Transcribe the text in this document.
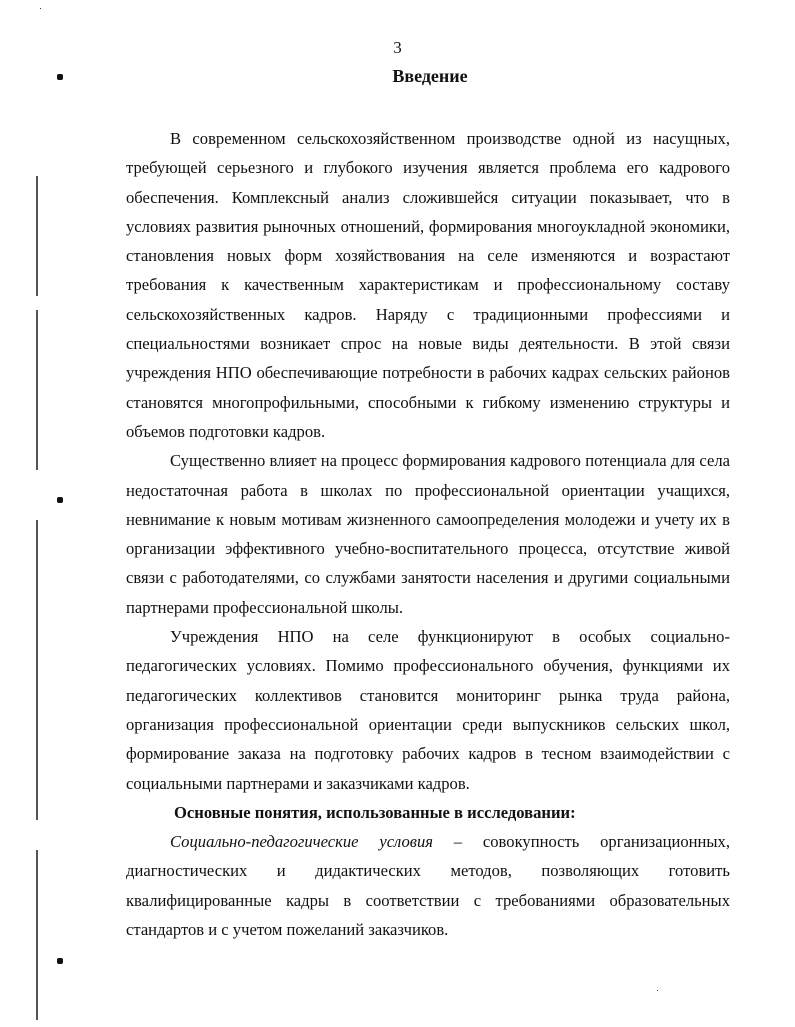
3
Введение

В современном сельскохозяйственном производстве одной из насущных, требующей серьезного и глубокого изучения является проблема его кадрового обеспечения. Комплексный анализ сложившейся ситуации показывает, что в условиях развития рыночных отношений, формирования многоукладной экономики, становления новых форм хозяйствования на селе изменяются и возрастают требования к качественным характеристикам и профессиональному составу сельскохозяйственных кадров. Наряду с традиционными профессиями и специальностями возникает спрос на новые виды деятельности. В этой связи учреждения НПО обеспечивающие потребности в рабочих кадрах сельских районов становятся многопрофильными, способными к гибкому изменению структуры и объемов подготовки кадров.

Существенно влияет на процесс формирования кадрового потенциала для села недостаточная работа в школах по профессиональной ориентации учащихся, невнимание к новым мотивам жизненного самоопределения молодежи и учету их в организации эффективного учебно-воспитательного процесса, отсутствие живой связи с работодателями, со службами занятости населения и другими социальными партнерами профессиональной школы.

Учреждения НПО на селе функционируют в особых социально-педагогических условиях. Помимо профессионального обучения, функциями их педагогических коллективов становится мониторинг рынка труда района, организация профессиональной ориентации среди выпускников сельских школ, формирование заказа на подготовку рабочих кадров в тесном взаимодействии с социальными партнерами и заказчиками кадров.

Основные понятия, использованные в исследовании:

Социально-педагогические условия – совокупность организационных, диагностических и дидактических методов, позволяющих готовить квалифицированные кадры в соответствии с требованиями образовательных стандартов и с учетом пожеланий заказчиков.
